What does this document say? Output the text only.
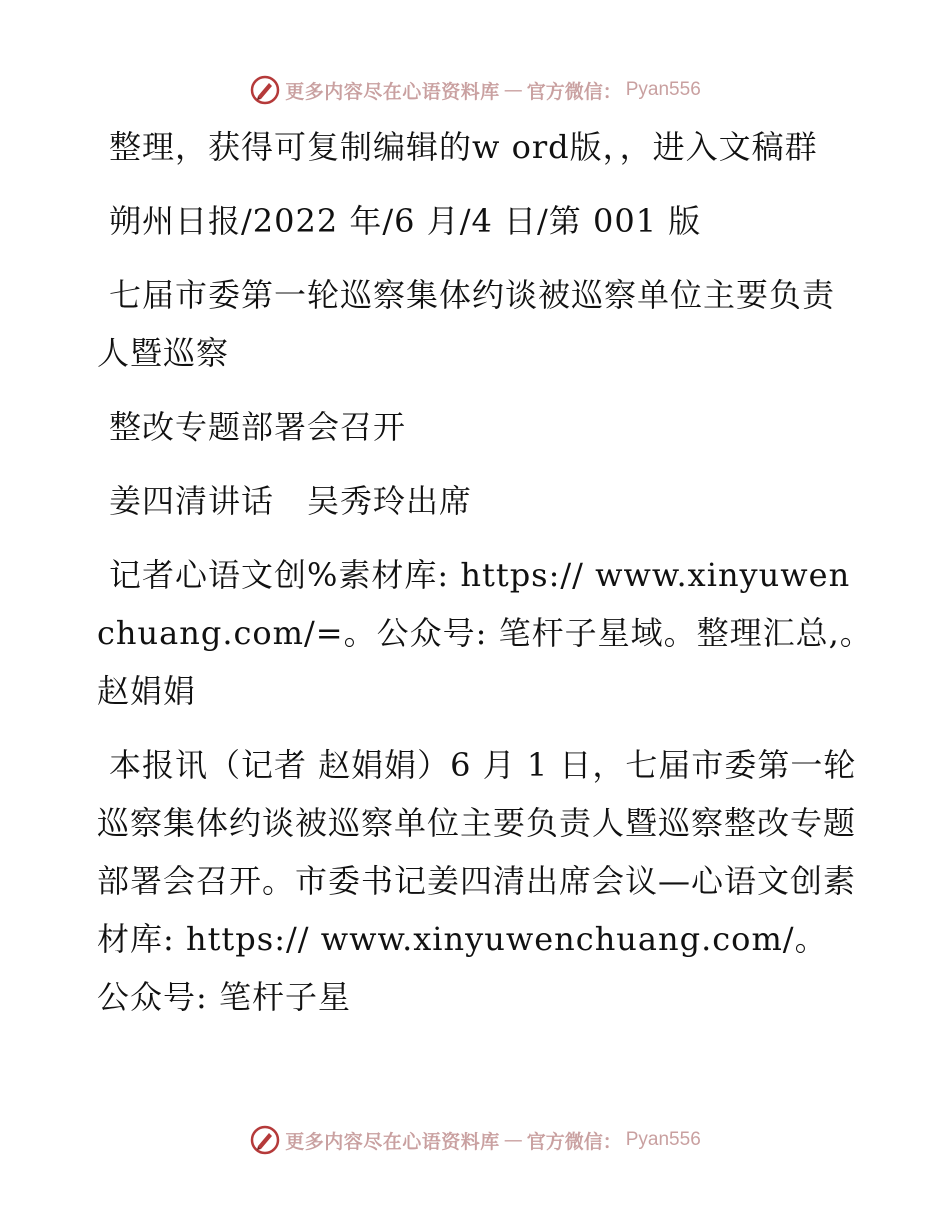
更多内容尽在心语资料库 — 官方微信： Pyan556

整理，获得可复制编辑的w ord版，，进入文稿群

朔州日报/2022 年/6 月/4 日/第 001 版

七届市委第一轮巡察集体约谈被巡察单位主要负责人暨巡察

整改专题部署会召开

姜四清讲话　吴秀玲出席

记者心语文创%素材库: https:// www.xinyuwenchuang.com/=。公众号: 笔杆子星域。整理汇总,。　赵娟娟

本报讯（记者 赵娟娟）6 月 1 日，七届市委第一轮巡察集体约谈被巡察单位主要负责人暨巡察整改专题部署会召开。市委书记姜四清出席会议—心语文创素材库: https:// www.xinyuwenchuang.com/。公众号: 笔杆子星

更多内容尽在心语资料库 — 官方微信： Pyan556
